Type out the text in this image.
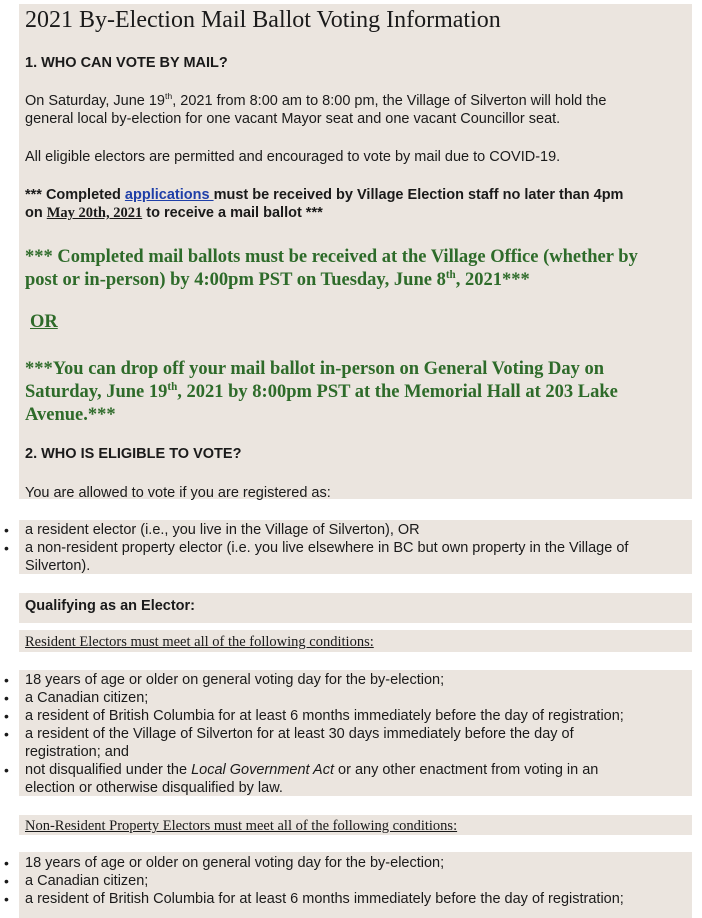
2021 By-Election Mail Ballot Voting Information
1. WHO CAN VOTE BY MAIL?
On Saturday, June 19th, 2021 from 8:00 am to 8:00 pm, the Village of Silverton will hold the
general local by-election for one vacant Mayor seat and one vacant Councillor seat.
All eligible electors are permitted and encouraged to vote by mail due to COVID-19.
*** Completed applications must be received by Village Election staff no later than 4pm
on May 20th, 2021 to receive a mail ballot ***
*** Completed mail ballots must be received at the Village Office (whether by
post or in-person) by 4:00pm PST on Tuesday, June 8th, 2021***
OR
***You can drop off your mail ballot in-person on General Voting Day on
Saturday, June 19th, 2021 by 8:00pm PST at the Memorial Hall at 203 Lake
Avenue.***
2. WHO IS ELIGIBLE TO VOTE?
You are allowed to vote if you are registered as:
• a resident elector (i.e., you live in the Village of Silverton), OR
• a non-resident property elector (i.e. you live elsewhere in BC but own property in the Village of
Silverton).
Qualifying as an Elector:
Resident Electors must meet all of the following conditions:
• 18 years of age or older on general voting day for the by-election;
• a Canadian citizen;
• a resident of British Columbia for at least 6 months immediately before the day of registration;
• a resident of the Village of Silverton for at least 30 days immediately before the day of
registration; and
• not disqualified under the Local Government Act or any other enactment from voting in an
election or otherwise disqualified by law.
Non-Resident Property Electors must meet all of the following conditions:
• 18 years of age or older on general voting day for the by-election;
• a Canadian citizen;
• a resident of British Columbia for at least 6 months immediately before the day of registration;
